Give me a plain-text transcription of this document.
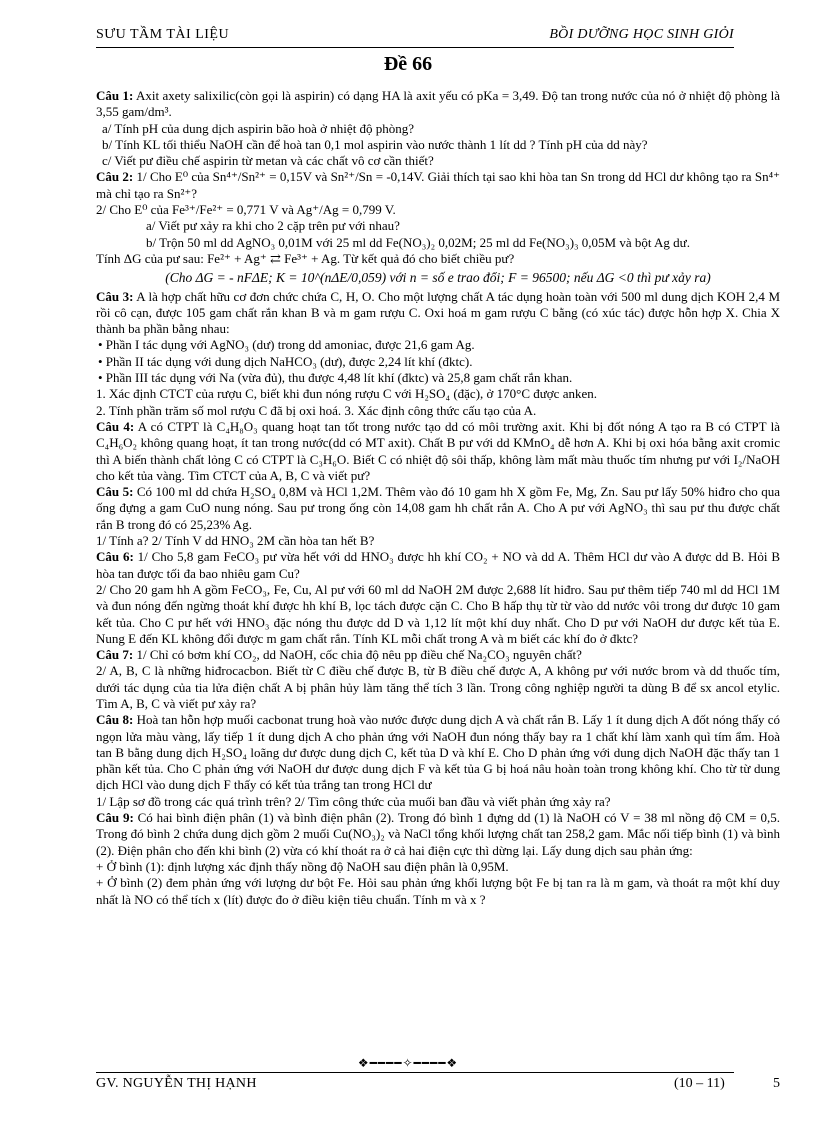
SƯU TẦM TÀI LIỆU	BỒI DƯỠNG HỌC SINH GIỎI
Đề 66

Câu 1: Axit axety salixilic(còn gọi là aspirin) có dạng HA là axit yếu có pKa = 3,49. Độ tan trong nước của nó ở nhiệt độ phòng là 3,55 gam/dm³.

a/ Tính pH của dung dịch aspirin bão hoà ở nhiệt độ phòng?

b/ Tính KL tối thiểu NaOH cần để hoà tan 0,1 mol aspirin vào nước thành 1 lít dd ? Tính pH của dd này?

c/ Viết pư điều chế aspirin từ metan và các chất vô cơ cần thiết?

Câu 2: 1/ Cho E⁰ của Sn⁴⁺/Sn²⁺ = 0,15V và Sn²⁺/Sn = -0,14V. Giải thích tại sao khi hòa tan Sn trong dd HCl dư không tạo ra Sn⁴⁺ mà chỉ tạo ra Sn²⁺?

2/ Cho E⁰ của Fe³⁺/Fe²⁺ = 0,771 V và Ag⁺/Ag = 0,799 V.

a/ Viết pư xảy ra khi cho 2 cặp trên pư với nhau?

b/ Trộn 50 ml dd AgNO₃ 0,01M với 25 ml dd Fe(NO₃)₂ 0,02M; 25 ml dd Fe(NO₃)₃ 0,05M và bột Ag dư.

Tính ΔG của pư sau: Fe²⁺ + Ag⁺ ⇄ Fe³⁺ + Ag. Từ kết quả đó cho biết chiều pư?

(Cho ΔG = - nFΔE; K = 10^(nΔE/0,059) với n = số e trao đổi; F = 96500; nếu ΔG <0 thì pư xảy ra)

Câu 3: A là hợp chất hữu cơ đơn chức chứa C, H, O. Cho một lượng chất A tác dụng hoàn toàn với 500 ml dung dịch KOH 2,4 M rồi cô cạn, được 105 gam chất rắn khan B và m gam rượu C. Oxi hoá m gam rượu C bằng (có xúc tác) được hỗn hợp X. Chia X thành ba phần bằng nhau:

• Phần I tác dụng với AgNO₃ (dư) trong dd amoniac, được 21,6 gam Ag.

• Phần II tác dụng với dung dịch NaHCO₃ (dư), được 2,24 lít khí (đktc).

• Phần III tác dụng với Na (vừa đủ), thu được 4,48 lít khí (đktc) và 25,8 gam chất rắn khan.

1. Xác định CTCT của rượu C, biết khi đun nóng rượu C với H₂SO₄ (đặc), ở 170°C được anken.

2. Tính phần trăm số mol rượu C đã bị oxi hoá. 3. Xác định công thức cấu tạo của A.

Câu 4: A có CTPT là C₄H₈O₃ quang hoạt tan tốt trong nước tạo dd có môi trường axit. Khi bị đốt nóng A tạo ra B có CTPT là C₄H₆O₂ không quang hoạt, ít tan trong nước(dd có MT axit). Chất B pư với dd KMnO₄ dễ hơn A. Khi bị oxi hóa bằng axit cromic thì A biến thành chất lỏng C có CTPT là C₃H₆O. Biết C có nhiệt độ sôi thấp, không làm mất màu thuốc tím nhưng pư với I₂/NaOH cho kết tủa vàng. Tìm CTCT của A, B, C và viết pư?

Câu 5: Có 100 ml dd chứa H₂SO₄ 0,8M và HCl 1,2M. Thêm vào đó 10 gam hh X gồm Fe, Mg, Zn. Sau pư lấy 50% hiđro cho qua ống đựng a gam CuO nung nóng. Sau pư trong ống còn 14,08 gam hh chất rắn A. Cho A pư với AgNO₃ thì sau pư thu được chất rắn B trong đó có 25,23% Ag.

1/ Tính a? 2/ Tính V dd HNO₃ 2M cần hòa tan hết B?

Câu 6: 1/ Cho 5,8 gam FeCO₃ pư vừa hết với dd HNO₃ được hh khí CO₂ + NO và dd A. Thêm HCl dư vào A được dd B. Hỏi B hòa tan được tối đa bao nhiêu gam Cu?

2/ Cho 20 gam hh A gồm FeCO₃, Fe, Cu, Al pư với 60 ml dd NaOH 2M được 2,688 lít hiđro. Sau pư thêm tiếp 740 ml dd HCl 1M và đun nóng đến ngừng thoát khí được hh khí B, lọc tách được cặn C. Cho B hấp thụ từ từ vào dd nước vôi trong dư được 10 gam kết tủa. Cho C pư hết với HNO₃ đặc nóng thu được dd D và 1,12 lít một khí duy nhất. Cho D pư với NaOH dư được kết tủa E. Nung E đến KL không đổi được m gam chất rắn. Tính KL mỗi chất trong A và m biết các khí đo ở đktc?

Câu 7: 1/ Chỉ có bơm khí CO₂, dd NaOH, cốc chia độ nêu pp điều chế Na₂CO₃ nguyên chất?

2/ A, B, C là những hiđrocacbon. Biết từ C điều chế được B, từ B điều chế được A, A không pư với nước brom và dd thuốc tím, dưới tác dụng của tia lửa điện chất A bị phân hủy làm tăng thể tích 3 lần. Trong công nghiệp người ta dùng B để sx ancol etylic. Tìm A, B, C và viết pư xảy ra?

Câu 8: Hoà tan hỗn hợp muối cacbonat trung hoà vào nước được dung dịch A và chất rắn B. Lấy 1 ít dung dịch A đốt nóng thấy có ngọn lửa màu vàng, lấy tiếp 1 ít dung dịch A cho phản ứng với NaOH đun nóng thấy bay ra 1 chất khí làm xanh quì tím ẩm. Hoà tan B bằng dung dịch H₂SO₄ loãng dư được dung dịch C, kết tủa D và khí E. Cho D phản ứng với dung dịch NaOH đặc thấy tan 1 phần kết tủa. Cho C phản ứng với NaOH dư được dung dịch F và kết tủa G bị hoá nâu hoàn toàn trong không khí. Cho từ từ dung dịch HCl vào dung dịch F thấy có kết tủa trắng tan trong HCl dư

1/ Lập sơ đồ trong các quá trình trên? 2/ Tìm công thức của muối ban đầu và viết phản ứng xảy ra?

Câu 9: Có hai bình điện phân (1) và bình điện phân (2). Trong đó bình 1 đựng dd (1) là NaOH có V = 38 ml nồng độ CM = 0,5. Trong đó bình 2 chứa dung dịch gồm 2 muối Cu(NO₃)₂ và NaCl tổng khối lượng chất tan 258,2 gam. Mắc nối tiếp bình (1) và bình (2). Điện phân cho đến khi bình (2) vừa có khí thoát ra ở cả hai điện cực thì dừng lại. Lấy dung dịch sau phản ứng:

+ Ở bình (1): định lượng xác định thấy nồng độ NaOH sau điện phân là 0,95M.

+ Ở bình (2) đem phản ứng với lượng dư bột Fe. Hỏi sau phản ứng khối lượng bột Fe bị tan ra là m gam, và thoát ra một khí duy nhất là NO có thể tích x (lít) được đo ở điều kiện tiêu chuẩn. Tính m và x ?

❖━━━━✧━━━━❖
GV. NGUYỄN THỊ HẠNH	(10 – 11)	5
